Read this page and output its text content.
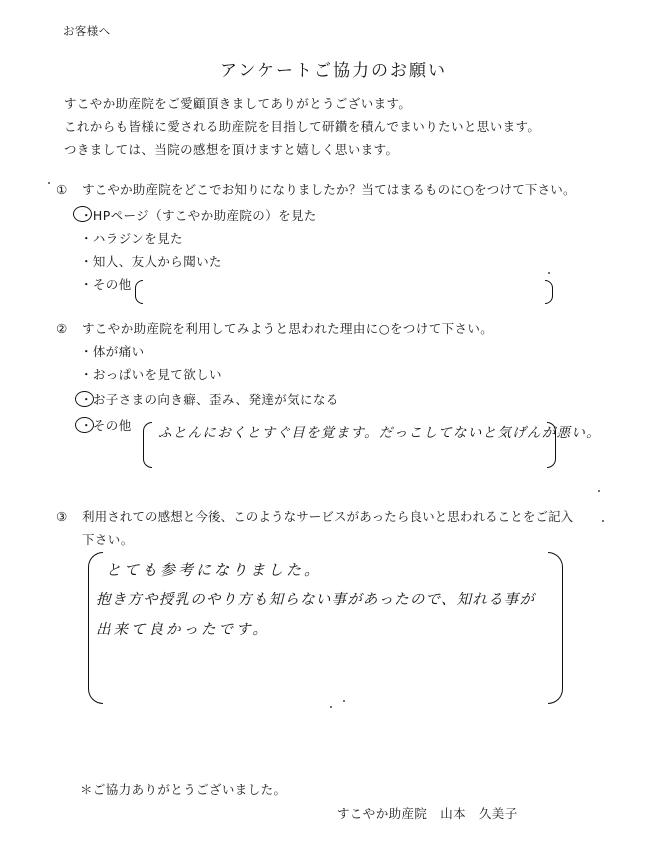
お客様へ
アンケートご協力のお願い
すこやか助産院をご愛顧頂きましてありがとうございます。
これからも皆様に愛される助産院を目指して研鑽を積んでまいりたいと思います。
つきましては、当院の感想を頂けますと嬉しく思います。
① すこやか助産院をどこでお知りになりましたか？当てはまるものに○をつけて下さい。
・HPページ（すこやか助産院の）を見た
・ハラジンを見た
・知人、友人から聞いた
・その他
② すこやか助産院を利用してみようと思われた理由に○をつけて下さい。
・体が痛い
・おっぱいを見て欲しい
・お子さまの向き癖、歪み、発達が気になる
・その他 ふとんにおくとすぐ目を覚ます。だっこしてないと気げんが悪い。
③ 利用されての感想と今後、このようなサービスがあったら良いと思われることをご記入
下さい。
とても参考になりました。
抱き方や授乳のやり方も知らない事があったので、知れる事が
出来て良かったです。
＊ご協力ありがとうございました。
すこやか助産院　山本　久美子
